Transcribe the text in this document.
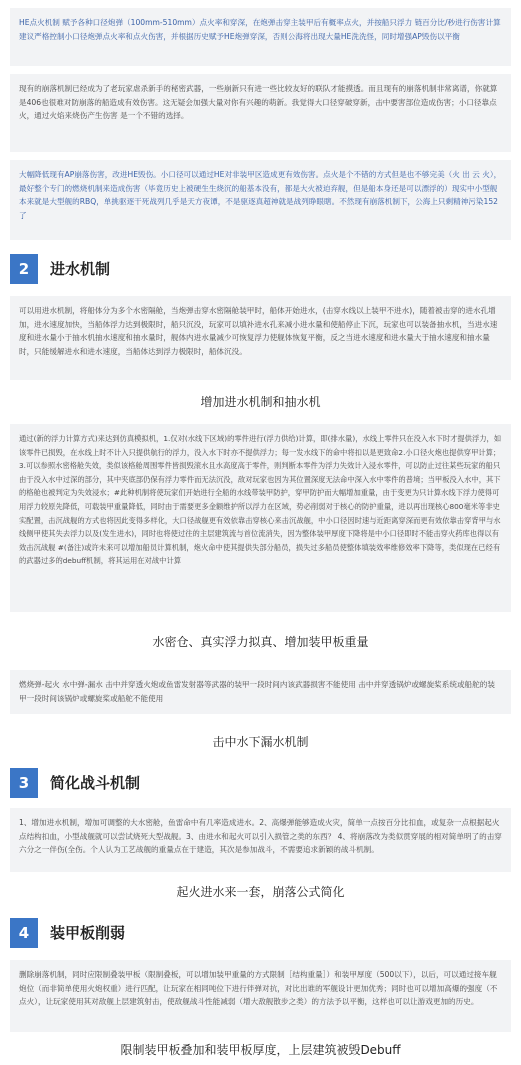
HE点火机制 赋予各种口径炮弹（100mm-510mm）点火率和穿深，在炮弹击穿主装甲后有概率点火，并按船只浮力 链百分比/秒进行伤害计算 建议严格控制小口径炮弹点火率和点火伤害，并根据历史赋予HE炮弹穿深，否则公海将出现大量HE洗洗怪，同时增强AP毁伤以平衡
现有的崩落机制已经成为了老玩家虐杀新手的秘密武器，一些崩新只有进一些比较友好的联队才能摸透。而且现有的崩落机制非常离谱，你就算是406也很难对防崩落的船造成有效伤害。这无疑会加强大量对你有兴趣的萌新。我觉得大口径穿破穿新，击中要害部位造成伤害；小口径靠点火，通过火焰来烧伤产生伤害 是一个不错的选择。
大幅降低现有AP崩落伤害，改进HE毁伤。小口径可以通过HE对非装甲区造成更有效伤害。点火是个不错的方式但是也不够完美（火 出 云 火），最好整个专门的燃烧机制来造成伤害（毕竟历史上被硬生生烧沉的船基本没有，都是大火被迫弃舰，但是船本身还是可以漂浮的）现实中小型舰本来就是大型舰的RBQ，单挑驱逐干死战列几乎是天方夜谭，不是驱逐真超神就是战列睁眼瞎。不然现有崩落机制下，公海上只剩精神污染152了
2	进水机制
可以用进水机制，将船体分为多个水密隔舱，当炮弹击穿水密隔舱装甲时，船体开始进水，(击穿水线以上装甲不进水)，随着被击穿的进水孔增加，进水速度加快，当船体浮力达到极限时，船只沉没，玩家可以填补进水孔来减小进水量和使船停止下沉，玩家也可以装备抽水机，当进水速度和进水量小于抽水机抽水速度和抽水量时，舰体内进水量减少可恢复浮力使舰体恢复平衡，反之当进水速度和进水量大于抽水速度和抽水量时，只能缓解进水和进水速度，当船体达到浮力极限时，船体沉没。
增加进水机制和抽水机
通过(新的浮力计算方式)来达到仿真模拟机，1.仅对(水线下区域)的零件进行(浮力供给)计算，即(排水量)，水线上零件只在没入水下时才提供浮力，如该零件已损毁，在水线上时不计入只提供航行的浮力，没入水下时亦不提供浮力；每一发水线下的命中将扣以是更致命2.小口径火炮也提供穿甲计算；3.可以参照水密格舱失效，类似该格舱周围零件皆损毁滚水且水高度高于零件，则判断本零件为浮力失效计入浸水零件，可以防止过往某些玩家的船只由于没入水中过深的部分，其中夹底部仍保有浮力零件而无法沉没，敌对玩家也因为其位置深度无法命中深入水中零件的普境；当甲板没入水中，其下的格舱也被判定为失效浸水；#此种机制将使玩家们开始进行全船的水线带装甲防护，穿甲防护而大幅增加重量，由于变更为只计算水线下浮力使得可用浮力较原先降低，可载装甲重量降低，同时由于需要更多金额维护所以浮力在区域，势必削弱对于核心的防护重量，进以再出现核心800毫米等非史实配置，击沉战舰的方式也将因此变得多样化，大口径战舰更有效依靠击穿核心来击沉战舰，中小口径因时速与近距离穿深而更有效依靠击穿背甲与水线侧甲使其失去浮力以及(发生进水)，同时也将使过往的主层建筑流与首位流消失，因为整体装甲厚度下降将是中小口径即时不能击穿火药库也得以有效击沉战舰 #(备注)或许未来可以增加船员计算机制，炮火命中使其提供失部分船员，损失过多船员使整体填装效率维修效率下降等，类似现在已经有的武器过多的debuff机制，将其运用在对战中计算
水密仓、真实浮力拟真、增加装甲板重量
燃烧弹-起火 水中弹-漏水 击中并穿透火炮或鱼雷发射器等武器的装甲一段时间内该武器损害不能使用 击中并穿透锅炉或螺旋桨系统或船舵的装甲一段时间该锅炉或螺旋桨或船舵不能使用
击中水下漏水机制
3	简化战斗机制
1、增加进水机制，增加可调整的大水密舱，鱼雷命中有几率造成进水。2、高爆弹能够造成火灾，简单一点按百分比扣血，或复杂一点根据起火点结构扣血，小型战舰就可以尝试烧死大型战舰。3、由进水和起火可以引入损管之类的东西？ 4、将崩落改为类似贯穿展的相对简单明了的击穿六分之一伴伤(全伤。个人认为工艺战舰的重量点在于建造，其次是参加战斗，不需要追求新颖的战斗机制。
起火进水来一套，崩落公式简化
4	装甲板削弱
删除崩落机制，同时应限制叠装甲板（限制叠板，可以增加装甲重量的方式限制［结构重量］）和装甲厚度（500以下），以后，可以通过接车舰炮位（而非简单使用火炮权重）进行匹配，让玩家在相同吨位下进行伴弹对抗，对比出谁的军舰设计更加优秀；同时也可以增加高爆的强度（不点火），让玩家使用其对敌舰上层建筑射击，使敌舰战斗性能减弱（增大敌舰散步之类）的方法予以平衡，这样也可以让游戏更加的历史。
限制装甲板叠加和装甲板厚度，上层建筑被毁Debuff
